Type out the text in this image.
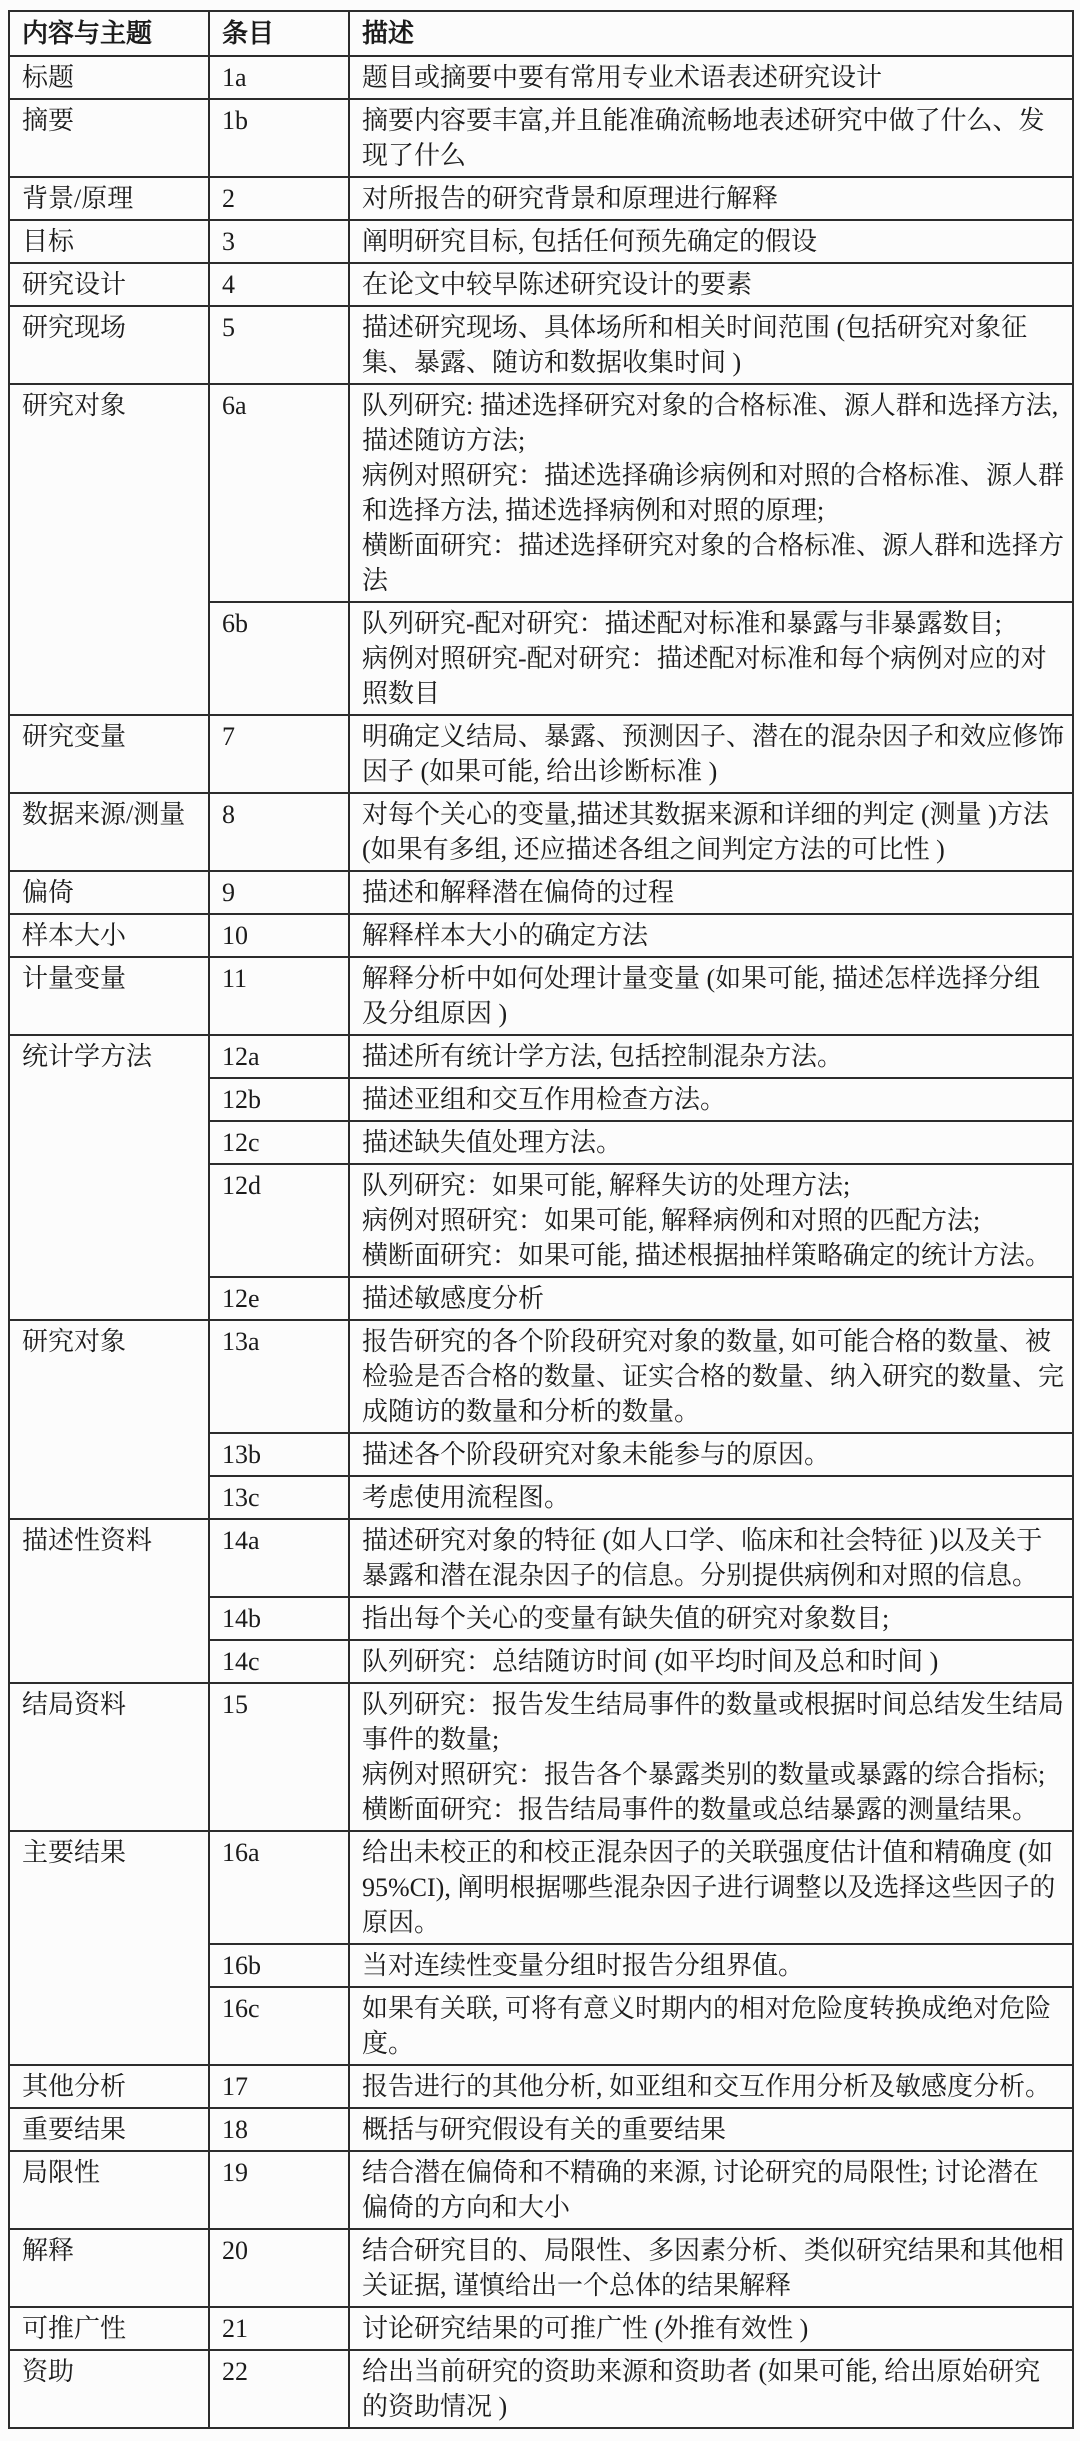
内容与主题	条目	描述
标题	1a	题目或摘要中要有常用专业术语表述研究设计

摘要	1b	摘要内容要丰富,并且能准确流畅地表述研究中做了什么、发现了什么

背景/原理	2	对所报告的研究背景和原理进行解释

目标	3	阐明研究目标, 包括任何预先确定的假设

研究设计	4	在论文中较早陈述研究设计的要素

研究现场	5	描述研究现场、具体场所和相关时间范围 (包括研究对象征集、暴露、随访和数据收集时间 )

研究对象	6a	队列研究: 描述选择研究对象的合格标准、源人群和选择方法, 描述随访方法;
病例对照研究：描述选择确诊病例和对照的合格标准、源人群和选择方法, 描述选择病例和对照的原理;
横断面研究：描述选择研究对象的合格标准、源人群和选择方法

	6b	队列研究-配对研究：描述配对标准和暴露与非暴露数目;
病例对照研究-配对研究：描述配对标准和每个病例对应的对照数目

研究变量	7	明确定义结局、暴露、预测因子、潜在的混杂因子和效应修饰因子 (如果可能, 给出诊断标准 )

数据来源/测量	8	对每个关心的变量,描述其数据来源和详细的判定 (测量 )方法 (如果有多组, 还应描述各组之间判定方法的可比性 )

偏倚	9	描述和解释潜在偏倚的过程

样本大小	10	解释样本大小的确定方法

计量变量	11	解释分析中如何处理计量变量 (如果可能, 描述怎样选择分组及分组原因 )

统计学方法	12a	描述所有统计学方法, 包括控制混杂方法。

	12b	描述亚组和交互作用检查方法。

	12c	描述缺失值处理方法。

	12d	队列研究：如果可能, 解释失访的处理方法;
病例对照研究：如果可能, 解释病例和对照的匹配方法;
横断面研究：如果可能, 描述根据抽样策略确定的统计方法。

	12e	描述敏感度分析

研究对象	13a	报告研究的各个阶段研究对象的数量, 如可能合格的数量、被检验是否合格的数量、证实合格的数量、纳入研究的数量、完成随访的数量和分析的数量。

	13b	描述各个阶段研究对象未能参与的原因。

	13c	考虑使用流程图。

描述性资料	14a	描述研究对象的特征 (如人口学、临床和社会特征 )以及关于暴露和潜在混杂因子的信息。分别提供病例和对照的信息。

	14b	指出每个关心的变量有缺失值的研究对象数目;

	14c	队列研究：总结随访时间 (如平均时间及总和时间 )

结局资料	15	队列研究：报告发生结局事件的数量或根据时间总结发生结局事件的数量;
病例对照研究：报告各个暴露类别的数量或暴露的综合指标;
横断面研究：报告结局事件的数量或总结暴露的测量结果。

主要结果	16a	给出未校正的和校正混杂因子的关联强度估计值和精确度 (如 95%CI), 阐明根据哪些混杂因子进行调整以及选择这些因子的原因。

	16b	当对连续性变量分组时报告分组界值。

	16c	如果有关联, 可将有意义时期内的相对危险度转换成绝对危险度。

其他分析	17	报告进行的其他分析, 如亚组和交互作用分析及敏感度分析。

重要结果	18	概括与研究假设有关的重要结果

局限性	19	结合潜在偏倚和不精确的来源, 讨论研究的局限性; 讨论潜在偏倚的方向和大小

解释	20	结合研究目的、局限性、多因素分析、类似研究结果和其他相关证据, 谨慎给出一个总体的结果解释

可推广性	21	讨论研究结果的可推广性 (外推有效性 )

资助	22	给出当前研究的资助来源和资助者 (如果可能, 给出原始研究的资助情况 )
